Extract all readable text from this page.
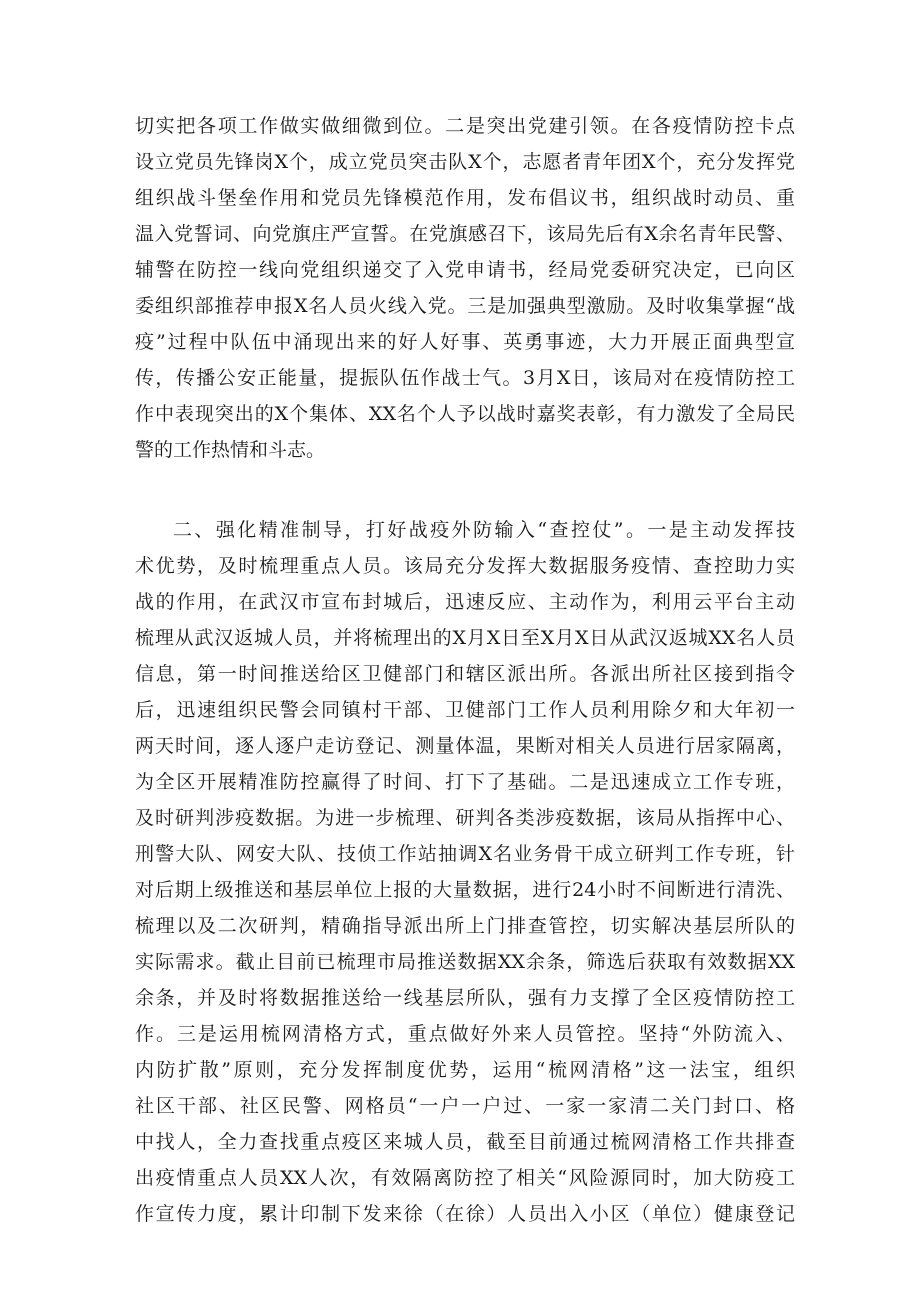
切实把各项工作做实做细微到位。二是突出党建引领。在各疫情防控卡点
设立党员先锋岗X个，成立党员突击队X个，志愿者青年团X个，充分发挥党
组织战斗堡垒作用和党员先锋模范作用，发布倡议书，组织战时动员、重
温入党誓词、向党旗庄严宣誓。在党旗感召下，该局先后有X余名青年民警、
辅警在防控一线向党组织递交了入党申请书，经局党委研究决定，已向区
委组织部推荐申报X名人员火线入党。三是加强典型激励。及时收集掌握“战
疫”过程中队伍中涌现出来的好人好事、英勇事迹，大力开展正面典型宣
传，传播公安正能量，提振队伍作战士气。3月X日，该局对在疫情防控工
作中表现突出的X个集体、XX名个人予以战时嘉奖表彰，有力激发了全局民
警的工作热情和斗志。
二、强化精准制导，打好战疫外防输入“查控仗”。一是主动发挥技
术优势，及时梳理重点人员。该局充分发挥大数据服务疫情、查控助力实
战的作用，在武汉市宣布封城后，迅速反应、主动作为，利用云平台主动
梳理从武汉返城人员，并将梳理出的X月X日至X月X日从武汉返城XX名人员
信息，第一时间推送给区卫健部门和辖区派出所。各派出所社区接到指令
后，迅速组织民警会同镇村干部、卫健部门工作人员利用除夕和大年初一
两天时间，逐人逐户走访登记、测量体温，果断对相关人员进行居家隔离，
为全区开展精准防控赢得了时间、打下了基础。二是迅速成立工作专班，
及时研判涉疫数据。为进一步梳理、研判各类涉疫数据，该局从指挥中心、
刑警大队、网安大队、技侦工作站抽调X名业务骨干成立研判工作专班，针
对后期上级推送和基层单位上报的大量数据，进行24小时不间断进行清洗、
梳理以及二次研判，精确指导派出所上门排查管控，切实解决基层所队的
实际需求。截止目前已梳理市局推送数据XX余条，筛选后获取有效数据XX
余条，并及时将数据推送给一线基层所队，强有力支撑了全区疫情防控工
作。三是运用梳网清格方式，重点做好外来人员管控。坚持“外防流入、
内防扩散”原则，充分发挥制度优势，运用“梳网清格”这一法宝，组织
社区干部、社区民警、网格员“一户一户过、一家一家清二关门封口、格
中找人，全力查找重点疫区来城人员，截至目前通过梳网清格工作共排查
出疫情重点人员XX人次，有效隔离防控了相关“风险源同时，加大防疫工
作宣传力度，累计印制下发来徐（在徐）人员出入小区（单位）健康登记
